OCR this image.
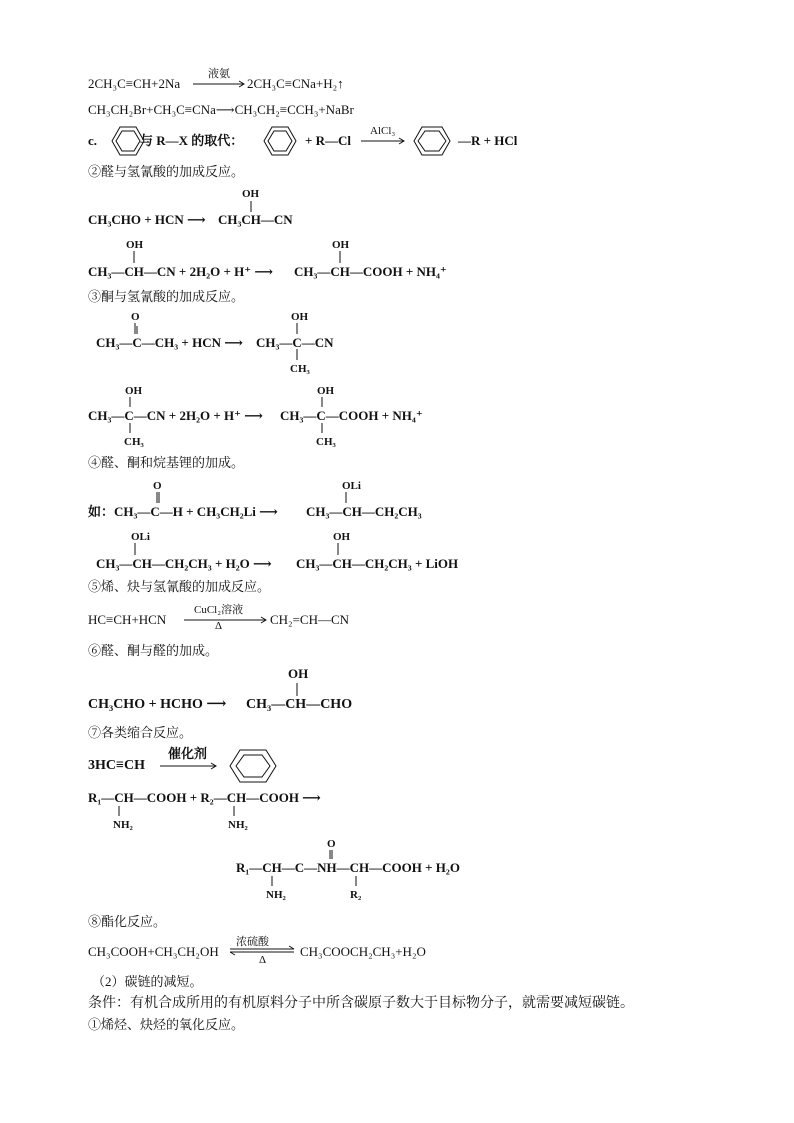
2CH₃C≡CH+2Na
液氨
2CH₃C≡CNa+H₂↑
CH₃CH₂Br+CH₃C≡CNa⟶CH₃CH₂≡CCH₃+NaBr
c.	与 R—X 的取代：	+ R—Cl
AlCl₃
—R + HCl
②醛与氢氰酸的加成反应。
OH
CH₃CHO + HCN ⟶ CH₃CH—CN
OH
CH₃—CH—CN + 2H₂O + H⁺ ⟶
OH
CH₃—CH—COOH + NH₄⁺
③酮与氢氰酸的加成反应。
O
CH₃—C—CH₃ + HCN ⟶
OH
CH₃—C—CN
CH₃
OH
CH₃—C—CN + 2H₂O + H⁺ ⟶
CH₃
OH
CH₃—C—COOH + NH₄⁺
CH₃
④醛、酮和烷基锂的加成。
O
如：CH₃—C—H + CH₃CH₂Li ⟶
OLi
CH₃—CH—CH₂CH₃
OLi
CH₃—CH—CH₂CH₃ + H₂O ⟶
OH
CH₃—CH—CH₂CH₃ + LiOH
⑤烯、炔与氢氰酸的加成反应。
HC≡CH+HCN
CuCl₂溶液
Δ	CH₂=CH—CN
⑥醛、酮与醛的加成。
OH
CH₃CHO + HCHO ⟶ CH₃—CH—CHO
⑦各类缩合反应。
3HC≡CH
催化剂
R₁—CH—COOH + R₂—CH—COOH ⟶
NH₂	NH₂
O
R₁—CH—C—NH—CH—COOH + H₂O
NH₂	R₂
⑧酯化反应。
CH₃COOH+CH₃CH₂OH
浓硫酸
Δ
CH₃COOCH₂CH₃+H₂O
（2）碳链的减短。
条件：有机合成所用的有机原料分子中所含碳原子数大于目标物分子，就需要减短碳链。
①烯烃、炔烃的氧化反应。
